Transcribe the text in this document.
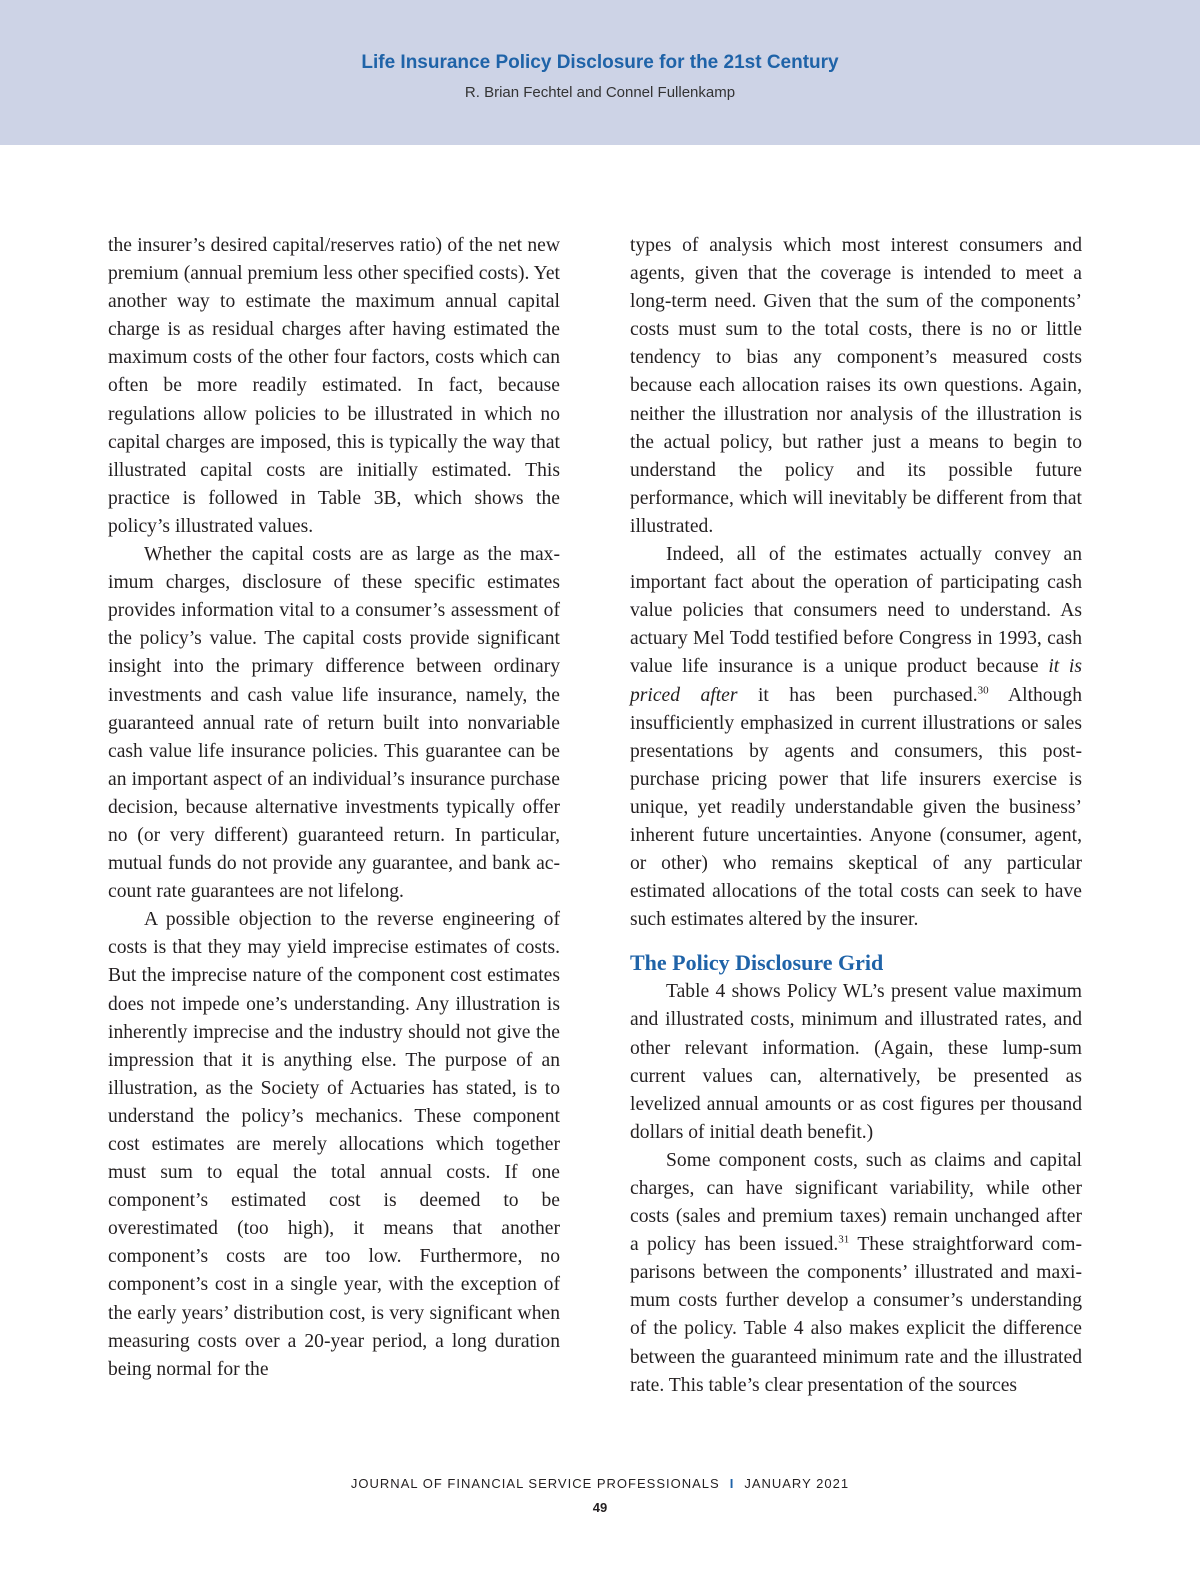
Life Insurance Policy Disclosure for the 21st Century
R. Brian Fechtel and Connel Fullenkamp

the insurer’s desired capital/reserves ratio) of the net new premium (annual premium less other specified costs). Yet another way to estimate the maximum annual capital charge is as residual charges after having estimated the maximum costs of the other four factors, costs which can often be more readily estimated. In fact, because regulations allow policies to be illustrated in which no capital charges are imposed, this is typically the way that illustrated capital costs are initially estimated. This practice is followed in Table 3B, which shows the policy’s illustrated values.

Whether the capital costs are as large as the maximum charges, disclosure of these specific estimates provides information vital to a consumer’s assessment of the policy’s value. The capital costs provide significant insight into the primary difference between ordinary investments and cash value life insurance, namely, the guaranteed annual rate of return built into nonvariable cash value life insurance policies. This guarantee can be an important aspect of an individual’s insurance purchase decision, because alternative investments typically offer no (or very different) guaranteed return. In particular, mutual funds do not provide any guarantee, and bank account rate guarantees are not lifelong.

A possible objection to the reverse engineering of costs is that they may yield imprecise estimates of costs. But the imprecise nature of the component cost estimates does not impede one’s understanding. Any illustration is inherently imprecise and the industry should not give the impression that it is anything else. The purpose of an illustration, as the Society of Actuaries has stated, is to understand the policy’s mechanics. These component cost estimates are merely allocations which together must sum to equal the total annual costs. If one component’s estimated cost is deemed to be overestimated (too high), it means that another component’s costs are too low. Furthermore, no component’s cost in a single year, with the exception of the early years’ distribution cost, is very significant when measuring costs over a 20-year period, a long duration being normal for the

types of analysis which most interest consumers and agents, given that the coverage is intended to meet a long-term need. Given that the sum of the components’ costs must sum to the total costs, there is no or little tendency to bias any component’s measured costs because each allocation raises its own questions. Again, neither the illustration nor analysis of the illustration is the actual policy, but rather just a means to begin to understand the policy and its possible future performance, which will inevitably be different from that illustrated.

Indeed, all of the estimates actually convey an important fact about the operation of participating cash value policies that consumers need to understand. As actuary Mel Todd testified before Congress in 1993, cash value life insurance is a unique product because it is priced after it has been purchased.$^{30}$ Although insufficiently emphasized in current illustrations or sales presentations by agents and consumers, this post-purchase pricing power that life insurers exercise is unique, yet readily understandable given the business’ inherent future uncertainties. Anyone (consumer, agent, or other) who remains skeptical of any particular estimated allocations of the total costs can seek to have such estimates altered by the insurer.

The Policy Disclosure Grid

Table 4 shows Policy WL’s present value maximum and illustrated costs, minimum and illustrated rates, and other relevant information. (Again, these lump-sum current values can, alternatively, be presented as levelized annual amounts or as cost figures per thousand dollars of initial death benefit.)

Some component costs, such as claims and capital charges, can have significant variability, while other costs (sales and premium taxes) remain unchanged after a policy has been issued.$^{31}$ These straightforward comparisons between the components’ illustrated and maximum costs further develop a consumer’s understanding of the policy. Table 4 also makes explicit the difference between the guaranteed minimum rate and the illustrated rate. This table’s clear presentation of the sources

JOURNAL OF FINANCIAL SERVICE PROFESSIONALS I JANUARY 2021
49
